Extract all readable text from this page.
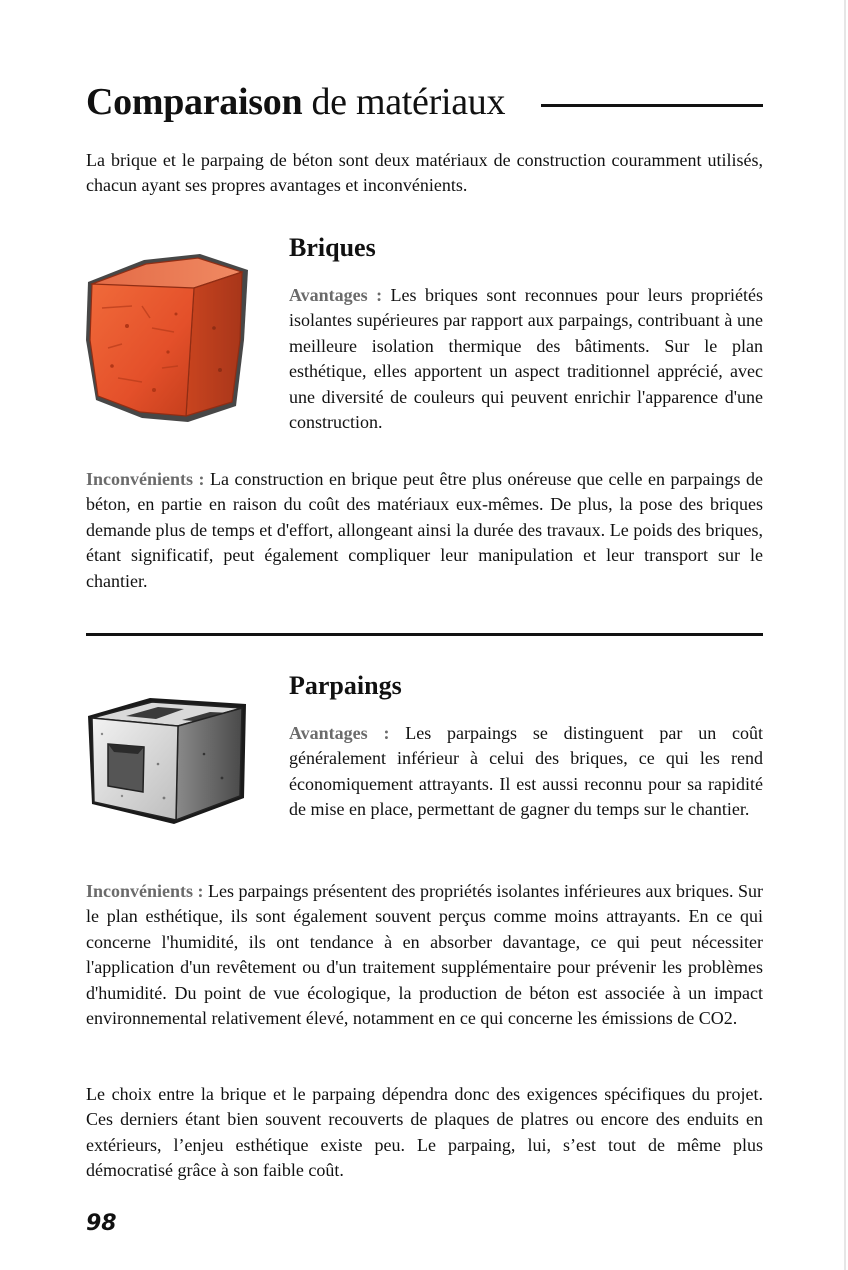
Comparaison de matériaux

La brique et le parpaing de béton sont deux matériaux de construction couramment utilisés, chacun ayant ses propres avantages et inconvénients.

Briques

Avantages : Les briques sont reconnues pour leurs propriétés isolantes supérieures par rapport aux parpaings, contribuant à une meilleure isolation thermique des bâtiments. Sur le plan esthétique, elles apportent un aspect traditionnel apprécié, avec une diversité de couleurs qui peuvent enrichir l'apparence d'une construction.

Inconvénients : La construction en brique peut être plus onéreuse que celle en parpaings de béton, en partie en raison du coût des matériaux eux-mêmes. De plus, la pose des briques demande plus de temps et d'effort, allongeant ainsi la durée des travaux. Le poids des briques, étant significatif, peut également compliquer leur manipulation et leur transport sur le chantier.

Parpaings

Avantages : Les parpaings se distinguent par un coût généralement inférieur à celui des briques, ce qui les rend économiquement attrayants. Il est aussi reconnu pour sa rapidité de mise en place, permettant de gagner du temps sur le chantier.

Inconvénients : Les parpaings présentent des propriétés isolantes inférieures aux briques. Sur le plan esthétique, ils sont également souvent perçus comme moins attrayants. En ce qui concerne l'humidité, ils ont tendance à en absorber davantage, ce qui peut nécessiter l'application d'un revêtement ou d'un traitement supplémentaire pour prévenir les problèmes d'humidité. Du point de vue écologique, la production de béton est associée à un impact environnemental relativement élevé, notamment en ce qui concerne les émissions de CO2.

Le choix entre la brique et le parpaing dépendra donc des exigences spécifiques du projet. Ces derniers étant bien souvent recouverts de plaques de platres ou encore des enduits en extérieurs, l’enjeu esthétique existe peu. Le parpaing, lui, s’est tout de même plus démocratisé grâce à son faible coût.

98
